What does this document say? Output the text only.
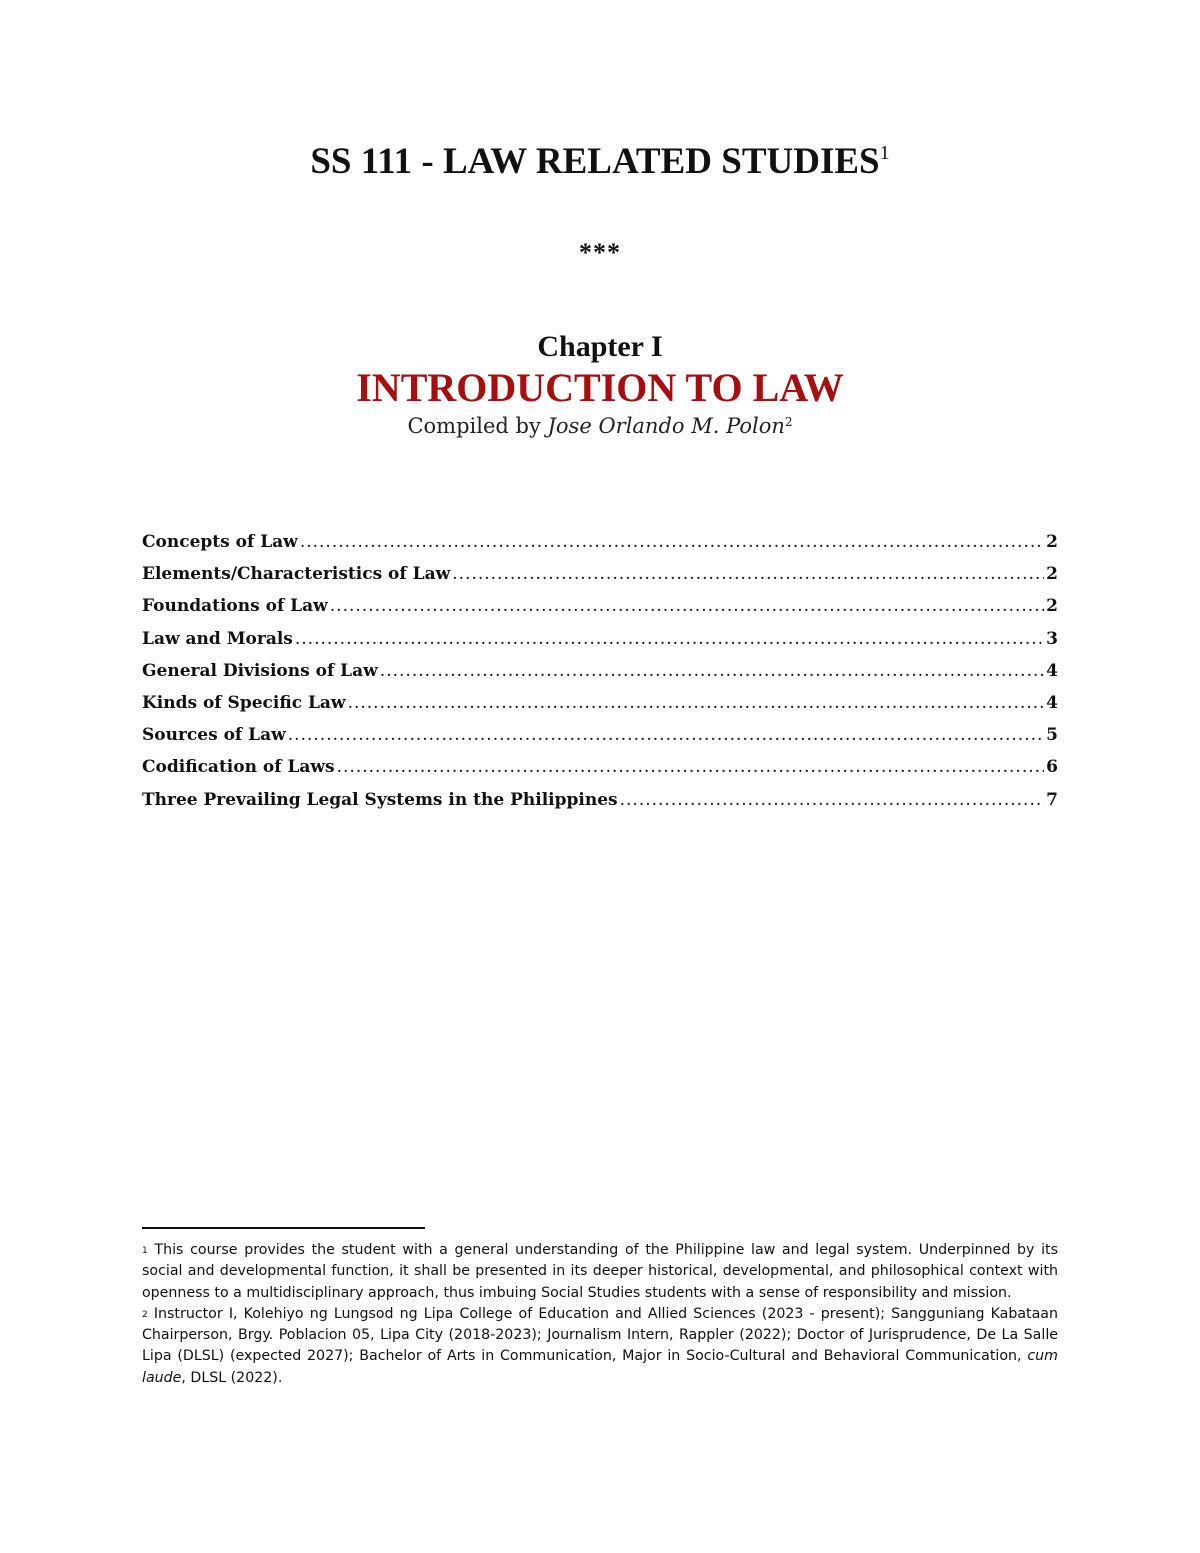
SS 111 - LAW RELATED STUDIES$^1$
***
Chapter I
INTRODUCTION TO LAW
Compiled by Jose Orlando M. Polon$^2$
Concepts of Law .....	2
Elements/Characteristics of Law .....	2
Foundations of Law .....	2
Law and Morals .....	3
General Divisions of Law .....	4
Kinds of Specific Law .....	4
Sources of Law .....	5
Codification of Laws .....	6
Three Prevailing Legal Systems in the Philippines .....	7

$^1$ This course provides the student with a general understanding of the Philippine law and legal system. Underpinned by its social and developmental function, it shall be presented in its deeper historical, developmental, and philosophical context with openness to a multidisciplinary approach, thus imbuing Social Studies students with a sense of responsibility and mission.

$^2$ Instructor I, Kolehiyo ng Lungsod ng Lipa College of Education and Allied Sciences (2023 - present); Sangguniang Kabataan Chairperson, Brgy. Poblacion 05, Lipa City (2018-2023); Journalism Intern, Rappler (2022); Doctor of Jurisprudence, De La Salle Lipa (DLSL) (expected 2027); Bachelor of Arts in Communication, Major in Socio-Cultural and Behavioral Communication, cum laude, DLSL (2022).
